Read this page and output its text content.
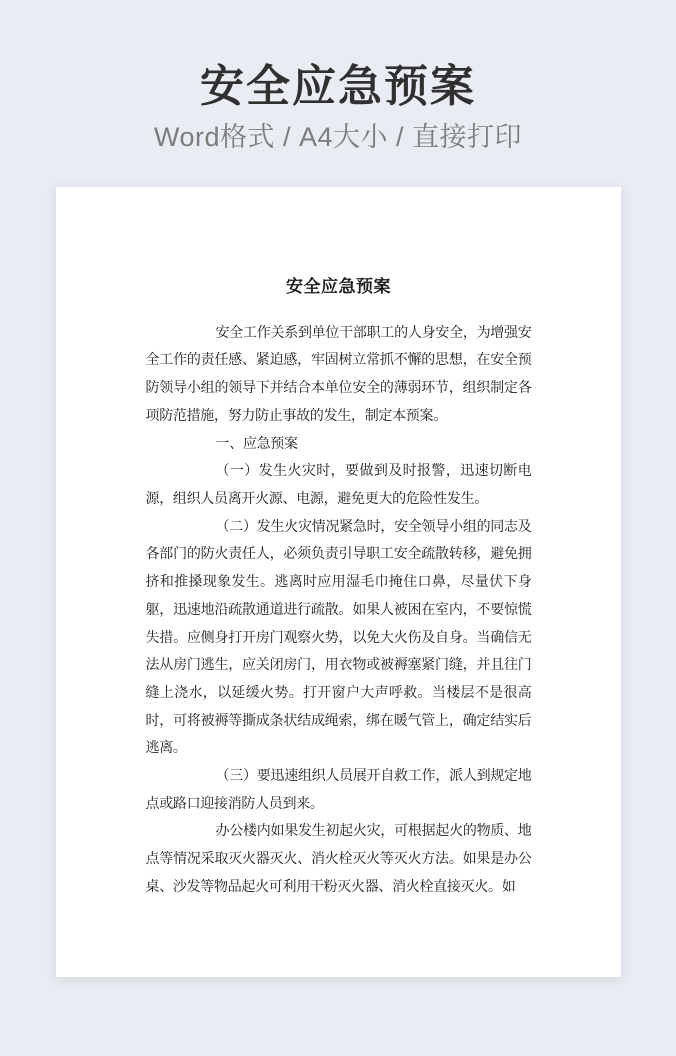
安全应急预案
Word格式 / A4大小 / 直接打印
安全应急预案

安全工作关系到单位干部职工的人身安全，为增强安全工作的责任感、紧迫感，牢固树立常抓不懈的思想，在安全预防领导小组的领导下并结合本单位安全的薄弱环节，组织制定各项防范措施，努力防止事故的发生，制定本预案。

一、应急预案

（一）发生火灾时，要做到及时报警，迅速切断电源，组织人员离开火源、电源，避免更大的危险性发生。

（二）发生火灾情况紧急时，安全领导小组的同志及各部门的防火责任人，必须负责引导职工安全疏散转移，避免拥挤和推搡现象发生。逃离时应用湿毛巾掩住口鼻，尽量伏下身躯，迅速地沿疏散通道进行疏散。如果人被困在室内，不要惊慌失措。应侧身打开房门观察火势，以免大火伤及自身。当确信无法从房门逃生，应关闭房门，用衣物或被褥塞紧门缝，并且往门缝上浇水，以延缓火势。打开窗户大声呼救。当楼层不是很高时，可将被褥等撕成条状结成绳索，绑在暖气管上，确定结实后逃离。

（三）要迅速组织人员展开自救工作，派人到规定地点或路口迎接消防人员到来。

办公楼内如果发生初起火灾，可根据起火的物质、地点等情况采取灭火器灭火、消火栓灭火等灭火方法。如果是办公桌、沙发等物品起火可利用干粉灭火器、消火栓直接灭火。如
